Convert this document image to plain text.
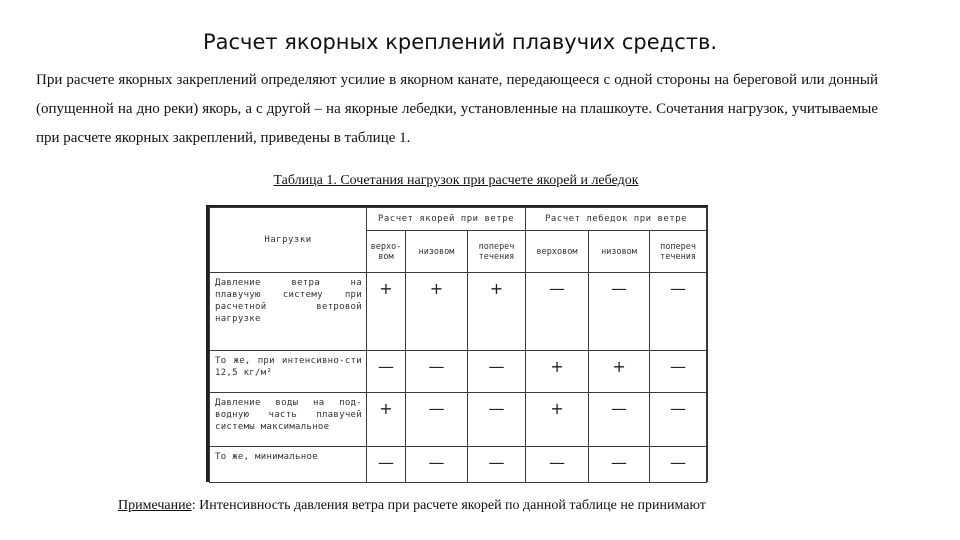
Расчет якорных креплений плавучих средств.
При расчете якорных закреплений определяют усилие в якорном канате, передающееся с одной стороны на береговой или донный (опущенной на дно реки) якорь, а с другой – на якорные лебедки, установленные на плашкоуте. Сочетания нагрузок, учитываемые при расчете якорных закреплений, приведены в таблице 1.
Таблица 1. Сочетания нагрузок при расчете якорей и лебедок
Нагрузки	Расчет якорей при ветре			Расчет лебедок при ветре		
	верхо-вом	низовом	попереч течения	верховом	низовом	попереч течения
Давление ветра на плавучую систему при расчетной ветровой нагрузке	+	+	+	—	—	—
То же, при интенсивно-сти 12,5 кг/м²	—	—	—	+	+	—
Давление воды на под-водную часть плавучей системы максимальное	+	—	—	+	—	—
То же, минимальное	—	—	—	—	—	—
Примечание: Интенсивность давления ветра при расчете якорей по данной таблице не принимают
